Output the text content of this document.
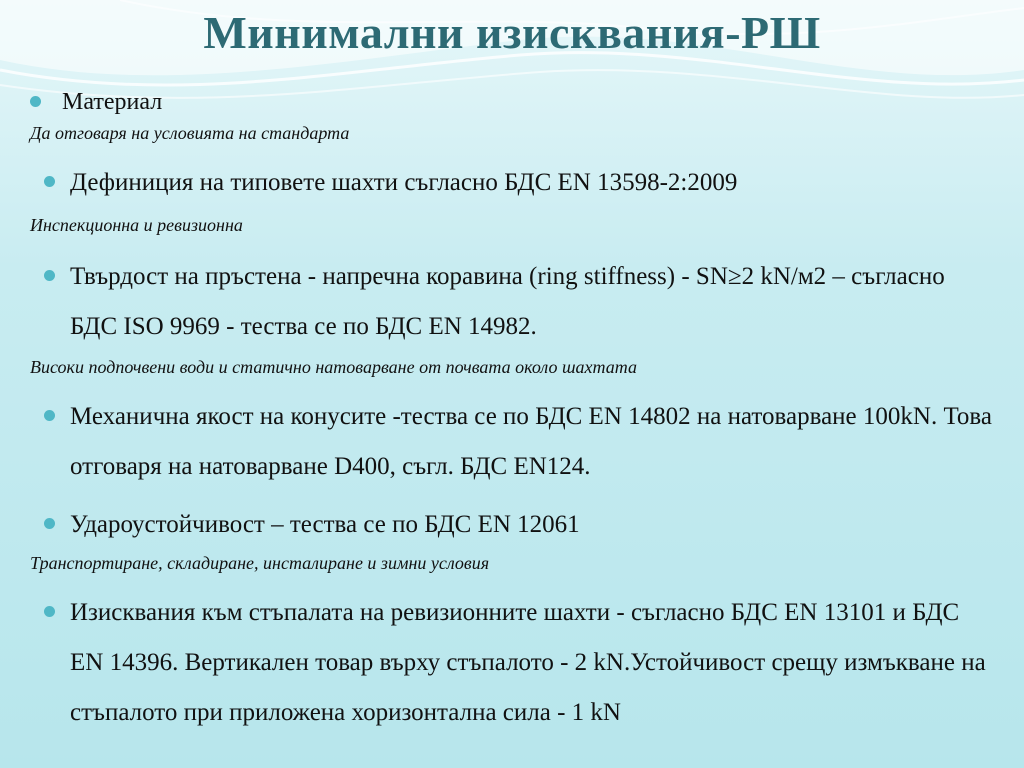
Минимални изисквания-РШ
Материал
Да отговаря на условията на стандарта
Дефиниция на типовете шахти съгласно БДС EN 13598-2:2009
Инспекционна и ревизионна
Твърдост на пръстена - напречна коравина (ring stiffness) - SN≥2 kN/м2 – съгласно БДС ISO 9969 - тества се по БДС EN 14982.
Високи подпочвени води и статично натоварване от почвата около шахтата
Механична якост на конусите -тества се по БДС EN 14802 на натоварване 100kN. Това отговаря на натоварване D400, съгл. БДС EN124.
Удароустойчивост – тества се по БДС EN 12061
Транспортиране, складиране, инсталиране и зимни условия
Изисквания към стъпалата на ревизионните шахти - съгласно БДС EN 13101 и БДС EN 14396. Вертикален товар върху стъпалото - 2 kN.Устойчивост срещу измъкване на стъпалото при приложена хоризонтална сила - 1 kN
